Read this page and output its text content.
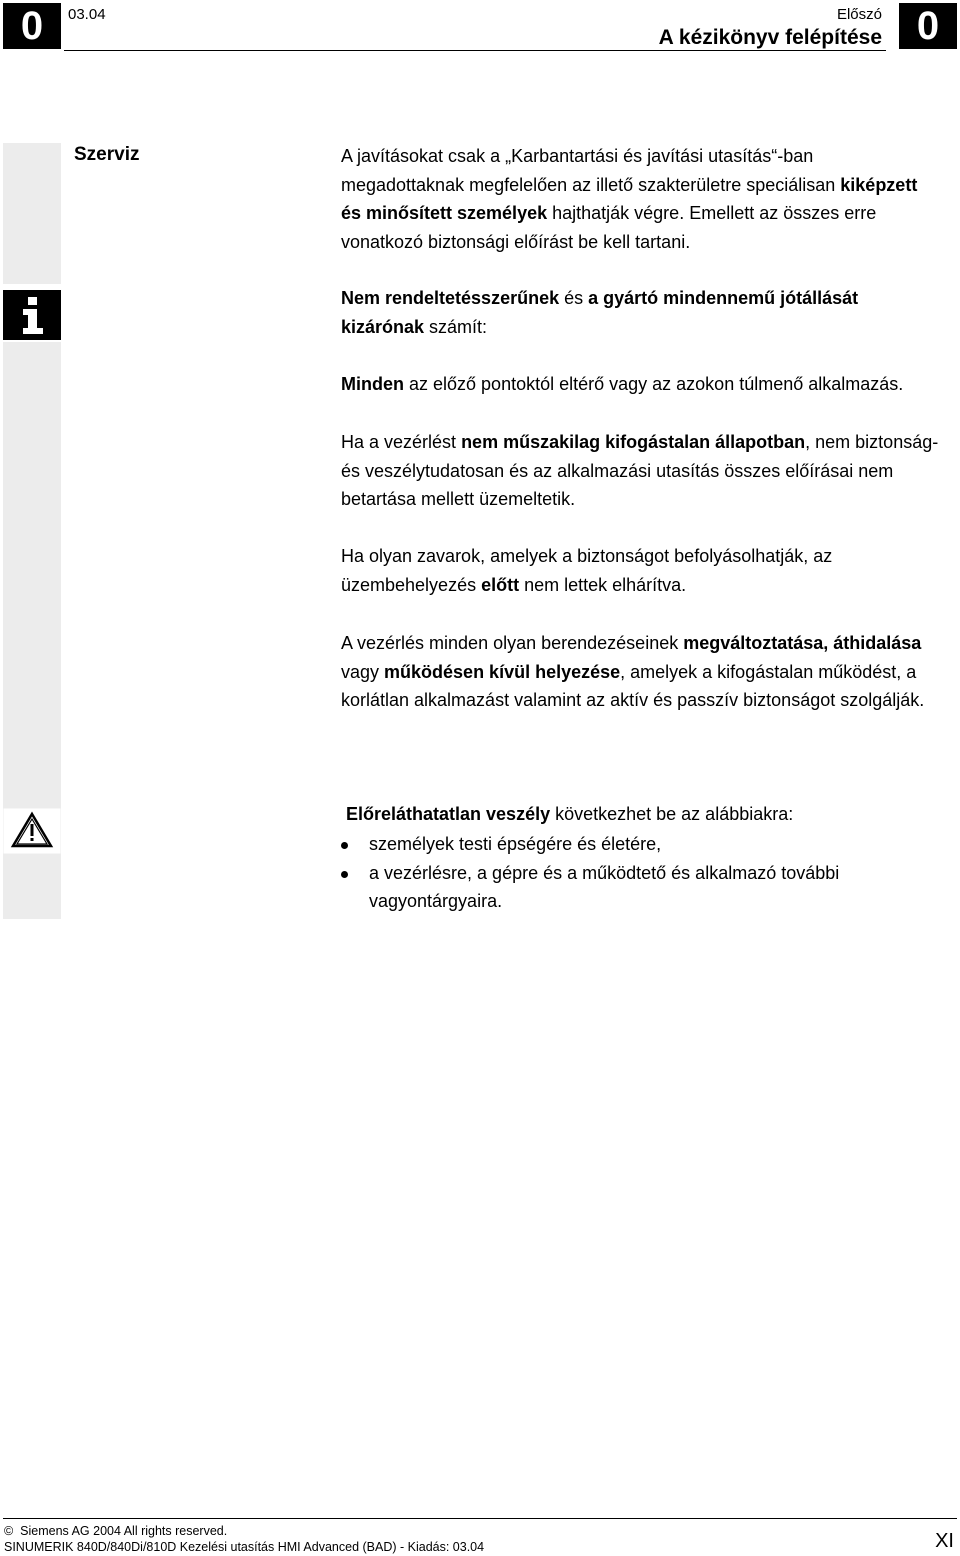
0	03.04	Előszó
A kézikönyv felépítése 0
Szerviz	A javításokat csak a „Karbantartási és javítási utasítás“-ban megadottaknak megfelelően az illető szakterületre speciálisan kiképzett és minősített személyek hajthatják végre. Emellett az összes erre vonatkozó biztonsági előírást be kell tartani.
Nem rendeltetésszerűnek és a gyártó mindennemű jótállását kizárónak számít:
Minden az előző pontoktól eltérő vagy az azokon túlmenő alkalmazás.
Ha a vezérlést nem műszakilag kifogástalan állapotban, nem biztonság- és veszélytudatosan és az alkalmazási utasítás összes előírásai nem betartása mellett üzemeltetik.
Ha olyan zavarok, amelyek a biztonságot befolyásolhatják, az üzembehelyezés előtt nem lettek elhárítva.
A vezérlés minden olyan berendezéseinek megváltoztatása, áthidalása vagy működésen kívül helyezése, amelyek a kifogástalan működést, a korlátlan alkalmazást valamint az aktív és passzív biztonságot szolgálják.
Előreláthatatlan veszély következhet be az alábbiakra:
személyek testi épségére és életére,
a vezérlésre, a gépre és a működtető és alkalmazó további vagyontárgyaira.
© Siemens AG 2004 All rights reserved.
SINUMERIK 840D/840Di/810D Kezelési utasítás HMI Advanced (BAD) - Kiadás: 03.04	XI
